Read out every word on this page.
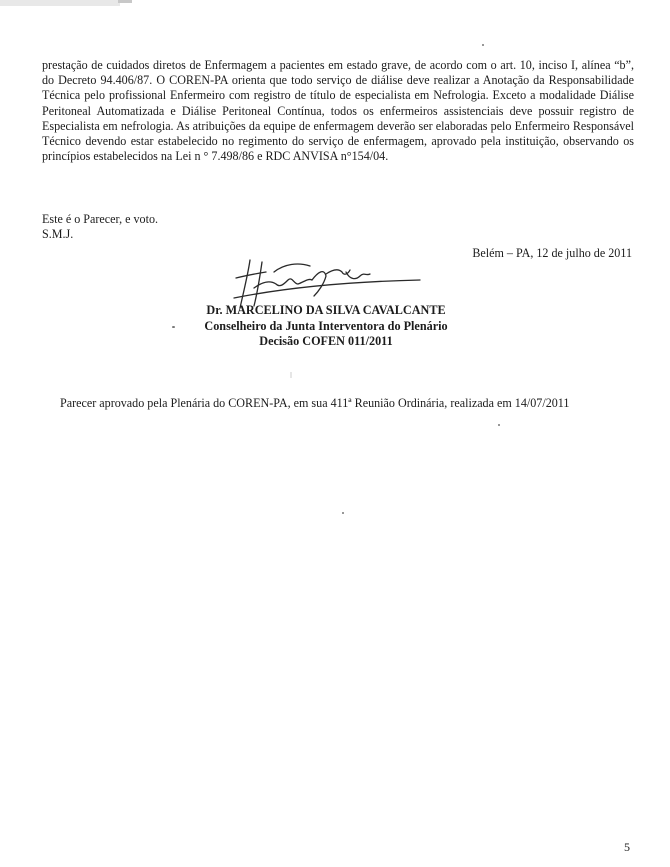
prestação de cuidados diretos de Enfermagem a pacientes em estado grave, de acordo com o art. 10, inciso I, alínea “b”, do Decreto 94.406/87. O COREN-PA orienta que todo serviço de diálise deve realizar a Anotação da Responsabilidade Técnica pelo profissional Enfermeiro com registro de título de especialista em Nefrologia. Exceto a modalidade Diálise Peritoneal Automatizada e Diálise Peritoneal Contínua, todos os enfermeiros assistenciais deve possuir registro de Especialista em nefrologia. As atribuições da equipe de enfermagem deverão ser elaboradas pelo Enfermeiro Responsável Técnico devendo estar estabelecido no regimento do serviço de enfermagem, aprovado pela instituição, observando os princípios estabelecidos na Lei n ° 7.498/86 e RDC ANVISA n°154/04.

Este é o Parecer, e voto.
S.M.J.
Belém – PA, 12 de julho de 2011
Dr. MARCELINO DA SILVA CAVALCANTE
Conselheiro da Junta Interventora do Plenário
Decisão COFEN 011/2011
Parecer aprovado pela Plenária do COREN-PA, em sua 411ª Reunião Ordinária, realizada em 14/07/2011
5
